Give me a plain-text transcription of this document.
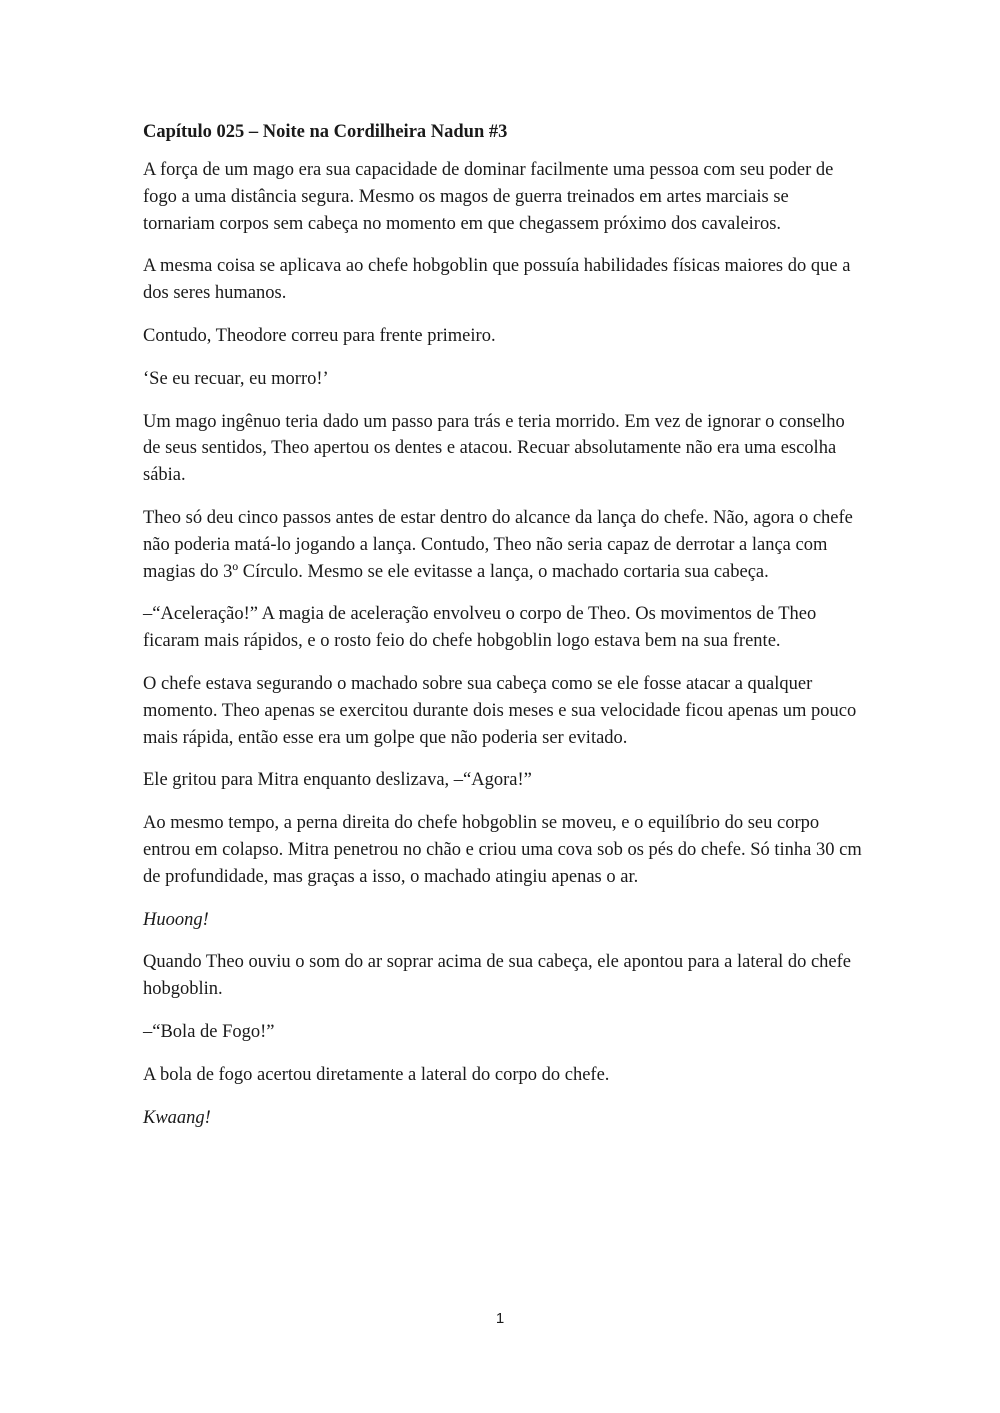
Capítulo 025 – Noite na Cordilheira Nadun #3

A força de um mago era sua capacidade de dominar facilmente uma pessoa com seu poder de fogo a uma distância segura. Mesmo os magos de guerra treinados em artes marciais se tornariam corpos sem cabeça no momento em que chegassem próximo dos cavaleiros.

A mesma coisa se aplicava ao chefe hobgoblin que possuía habilidades físicas maiores do que a dos seres humanos.

Contudo, Theodore correu para frente primeiro.

‘Se eu recuar, eu morro!’

Um mago ingênuo teria dado um passo para trás e teria morrido. Em vez de ignorar o conselho de seus sentidos, Theo apertou os dentes e atacou. Recuar absolutamente não era uma escolha sábia.

Theo só deu cinco passos antes de estar dentro do alcance da lança do chefe. Não, agora o chefe não poderia matá-lo jogando a lança. Contudo, Theo não seria capaz de derrotar a lança com magias do 3º Círculo. Mesmo se ele evitasse a lança, o machado cortaria sua cabeça.

–“Aceleração!” A magia de aceleração envolveu o corpo de Theo. Os movimentos de Theo ficaram mais rápidos, e o rosto feio do chefe hobgoblin logo estava bem na sua frente.

O chefe estava segurando o machado sobre sua cabeça como se ele fosse atacar a qualquer momento. Theo apenas se exercitou durante dois meses e sua velocidade ficou apenas um pouco mais rápida, então esse era um golpe que não poderia ser evitado.

Ele gritou para Mitra enquanto deslizava, –“Agora!”

Ao mesmo tempo, a perna direita do chefe hobgoblin se moveu, e o equilíbrio do seu corpo entrou em colapso. Mitra penetrou no chão e criou uma cova sob os pés do chefe. Só tinha 30 cm de profundidade, mas graças a isso, o machado atingiu apenas o ar.

Huoong!

Quando Theo ouviu o som do ar soprar acima de sua cabeça, ele apontou para a lateral do chefe hobgoblin.

–“Bola de Fogo!”

A bola de fogo acertou diretamente a lateral do corpo do chefe.

Kwaang!

1
